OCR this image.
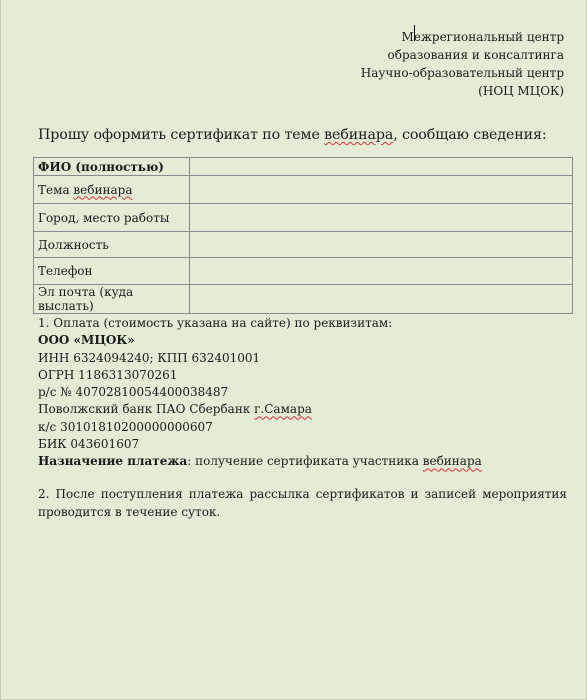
Межрегиональный центр
образования и консалтинга
Научно-образовательный центр
(НОЦ МЦОК)
Прошу оформить сертификат по теме вебинара, сообщаю сведения:
ФИО (полностью)	
Тема вебинара	
Город, место работы	
Должность	
Телефон	
Эл почта (куда выслать)	
1. Оплата (стоимость указана на сайте) по реквизитам:
ООО «МЦОК»
ИНН 6324094240; КПП 632401001
ОГРН 1186313070261
р/с № 40702810054400038487
Поволжский банк ПАО Сбербанк г.Самара
к/с 30101810200000000607
БИК 043601607
Назначение платежа: получение сертификата участника вебинара
2. После поступления платежа рассылка сертификатов и записей мероприятия проводится в течение суток.
